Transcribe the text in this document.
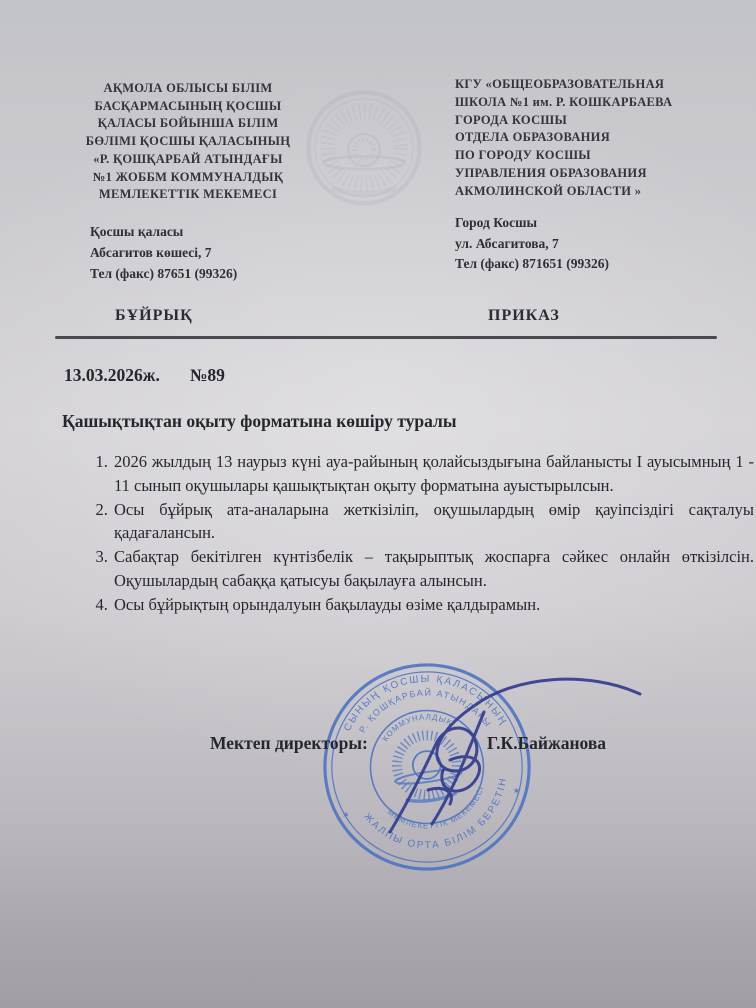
АҚМОЛА ОБЛЫСЫ БІЛІМ
БАСҚАРМАСЫНЫҢ ҚОСШЫ
ҚАЛАСЫ БОЙЫНША БІЛІМ
БӨЛІМІ ҚОСШЫ ҚАЛАСЫНЫҢ
«Р. ҚОШҚАРБАЙ АТЫНДАҒЫ
№1 ЖОББМ КОММУНАЛДЫҚ
МЕМЛЕКЕТТІК МЕКЕМЕСІ
КГУ «ОБЩЕОБРАЗОВАТЕЛЬНАЯ
ШКОЛА №1 им. Р. КОШКАРБАЕВА
ГОРОДА КОСШЫ
ОТДЕЛА ОБРАЗОВАНИЯ
ПО ГОРОДУ КОСШЫ
УПРАВЛЕНИЯ ОБРАЗОВАНИЯ
АКМОЛИНСКОЙ ОБЛАСТИ »
Қосшы қаласы
Абсагитов көшесі, 7
Тел (факс) 87651 (99326)
Город Косшы
ул. Абсагитова, 7
Тел (факс) 871651 (99326)
БҰЙРЫҚ	ПРИКАЗ
13.03.2026ж. №89
Қашықтықтан оқыту форматына көшіру туралы
1. 2026 жылдың 13 наурыз күні ауа-райының қолайсыздығына байланысты І ауысымның 1 - 11 сынып оқушылары қашықтықтан оқыту форматына ауыстырылсын.
2. Осы бұйрық ата-аналарына жеткізіліп, оқушылардың өмір қауіпсіздігі сақталуы қадағалансын.
3. Сабақтар бекітілген күнтізбелік – тақырыптық жоспарға сәйкес онлайн өткізілсін. Оқушылардың сабаққа қатысуы бақылауға алынсын.
4. Осы бұйрықтың орындалуын бақылауды өзіме қалдырамын.
СЫНЫҢ ҚОСШЫ ҚАЛАСЫНЫҢ
Р. ҚОШҚАРБАЙ АТЫНДАҒЫ
КОММУНАЛДЫҚ
ЖАЛПЫ ОРТА БІЛІМ БЕРЕТІН
МЕМЛЕКЕТТІК МЕКЕМЕСІ
✶
✶
Мектеп директоры:	Г.К.Байжанова
